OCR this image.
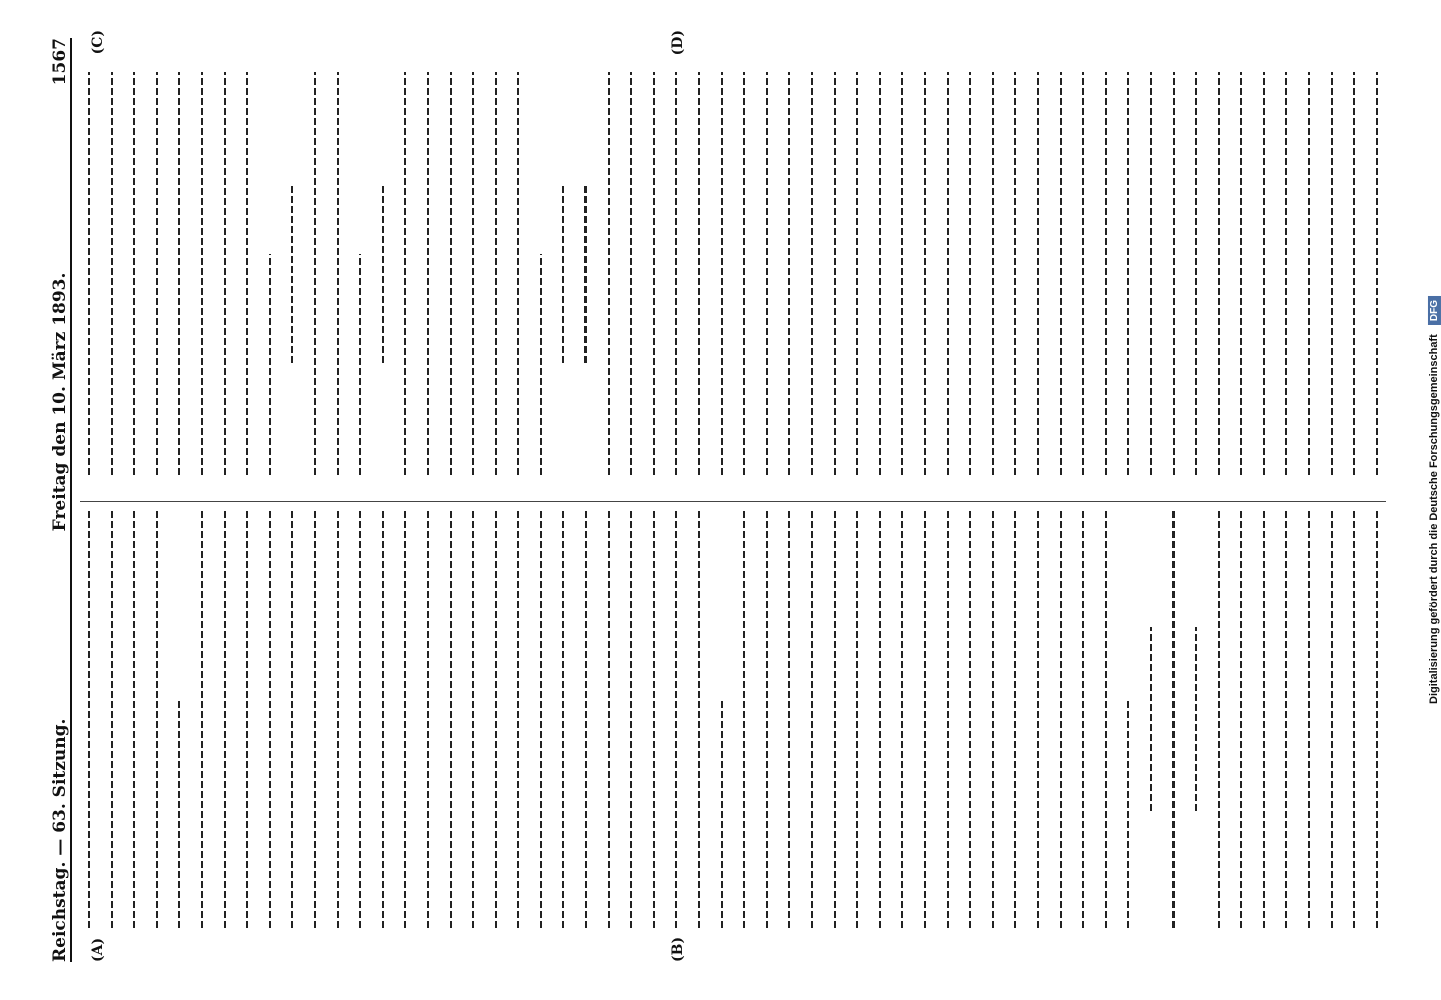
Reichstag. — 63. Sitzung.
Freitag den 10. März 1893.
1567
(A)	(B)
(C)	(D)
Digitalisierung gefördert durch die Deutsche Forschungsgemeinschaft DFG
